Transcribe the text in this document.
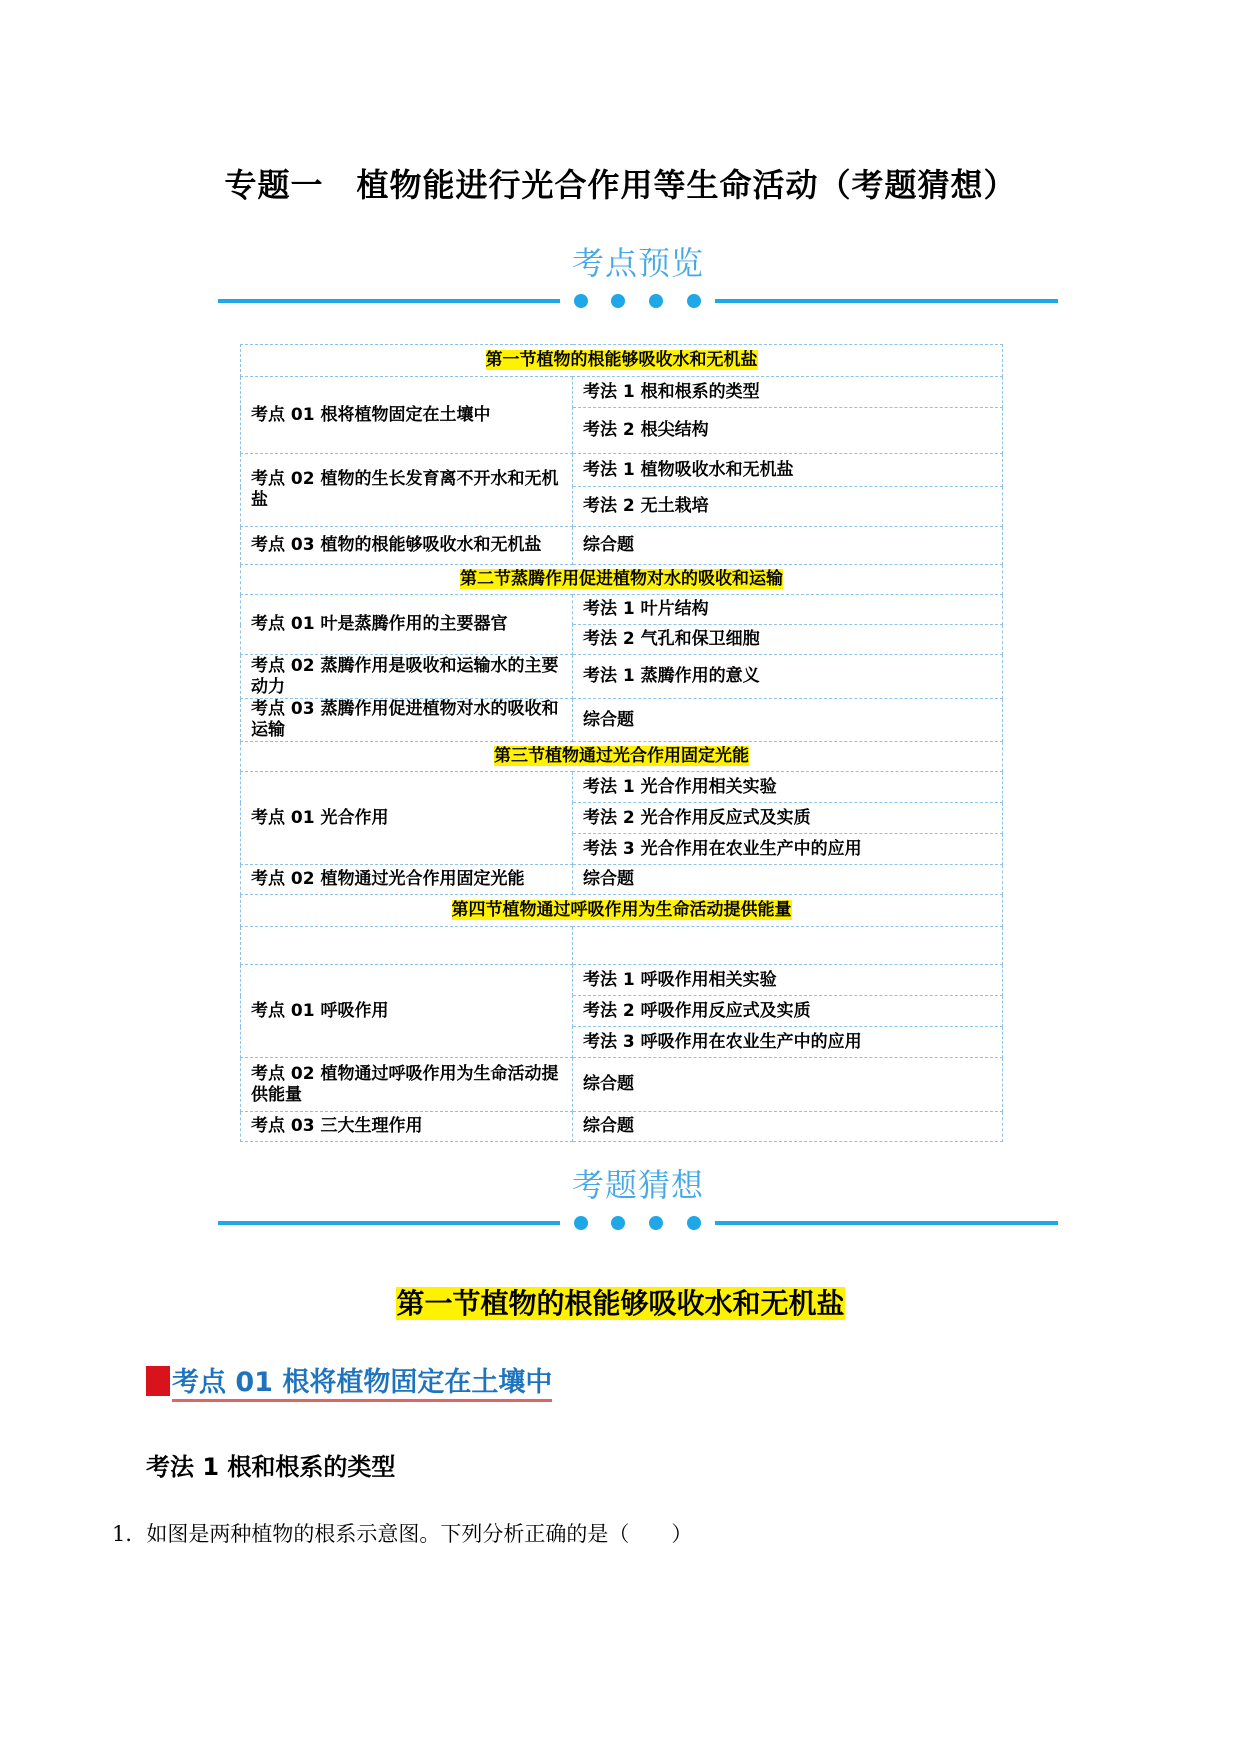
专题一　植物能进行光合作用等生命活动（考题猜想）
考点预览
第一节植物的根能够吸收水和无机盐	
考点 01 根将植物固定在土壤中	考法 1 根和根系的类型
	考法 2 根尖结构
考点 02 植物的生长发育离不开水和无机盐	考法 1 植物吸收水和无机盐
	考法 2 无土栽培
考点 03 植物的根能够吸收水和无机盐	综合题
第二节蒸腾作用促进植物对水的吸收和运输	
考点 01 叶是蒸腾作用的主要器官	考法 1 叶片结构
	考法 2 气孔和保卫细胞
考点 02 蒸腾作用是吸收和运输水的主要动力	考法 1 蒸腾作用的意义
考点 03 蒸腾作用促进植物对水的吸收和运输	综合题
第三节植物通过光合作用固定光能	
考点 01 光合作用	考法 1 光合作用相关实验
	考法 2 光合作用反应式及实质
	考法 3 光合作用在农业生产中的应用
考点 02 植物通过光合作用固定光能	综合题
第四节植物通过呼吸作用为生命活动提供能量	

考点 01 呼吸作用	考法 1 呼吸作用相关实验
	考法 2 呼吸作用反应式及实质
	考法 3 呼吸作用在农业生产中的应用
考点 02 植物通过呼吸作用为生命活动提供能量	综合题
考点 03 三大生理作用	综合题
考题猜想
第一节植物的根能够吸收水和无机盐
考点 01 根将植物固定在土壤中
考法 1 根和根系的类型
1．如图是两种植物的根系示意图。下列分析正确的是（　　）
